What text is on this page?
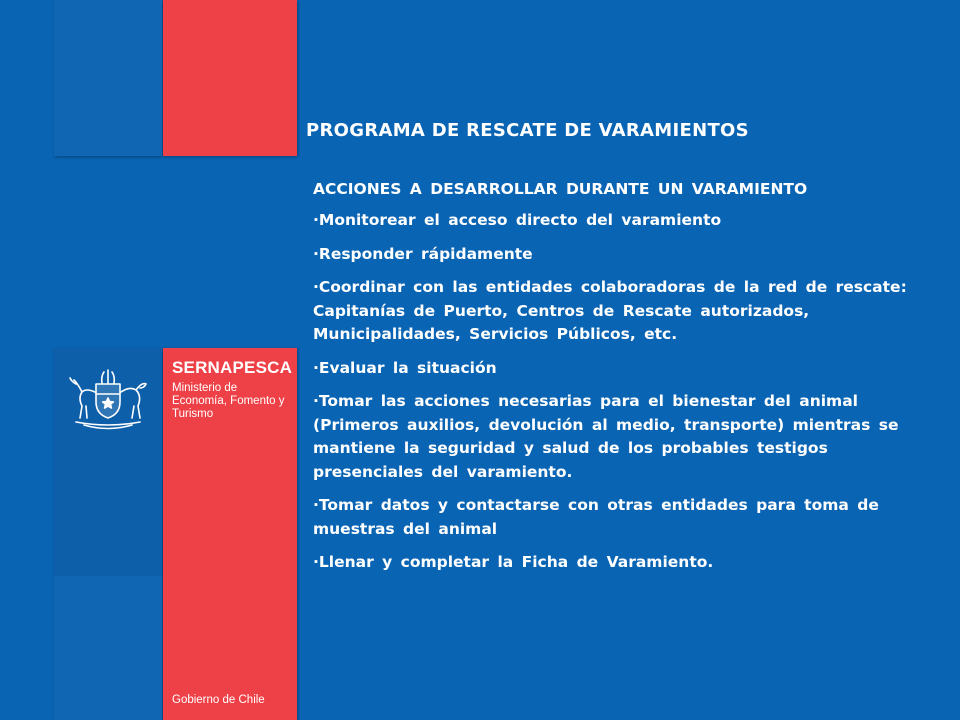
SERNAPESCA

Ministerio de Economía, Fomento y Turismo

Gobierno de Chile

PROGRAMA DE RESCATE DE VARAMIENTOS

ACCIONES A DESARROLLAR DURANTE UN VARAMIENTO

·Monitorear el acceso directo del varamiento
·Responder rápidamente
·Coordinar con las entidades colaboradoras de la red de rescate: Capitanías de Puerto, Centros de Rescate autorizados, Municipalidades, Servicios Públicos, etc.
·Evaluar la situación
·Tomar las acciones necesarias para el bienestar del animal (Primeros auxilios, devolución al medio, transporte) mientras se mantiene la seguridad y salud de los probables testigos presenciales del varamiento.
·Tomar datos y contactarse con otras entidades para toma de muestras del animal
·Llenar y completar la Ficha de Varamiento.
